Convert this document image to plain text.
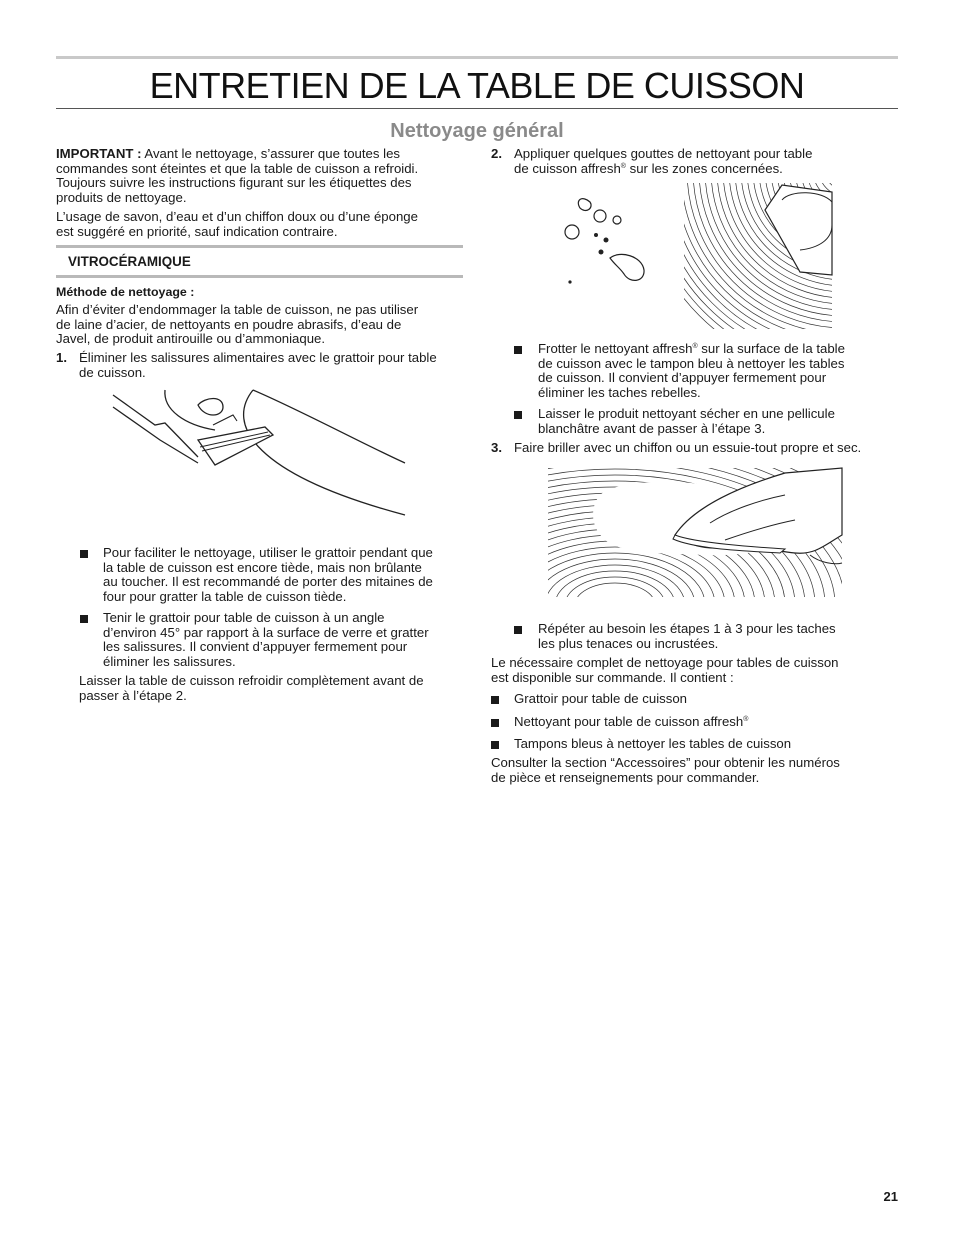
ENTRETIEN DE LA TABLE DE CUISSON
Nettoyage général
IMPORTANT : Avant le nettoyage, s’assurer que toutes les
commandes sont éteintes et que la table de cuisson a refroidi.
Toujours suivre les instructions figurant sur les étiquettes des
produits de nettoyage.
L’usage de savon, d’eau et d’un chiffon doux ou d’une éponge
est suggéré en priorité, sauf indication contraire.
VITROCÉRAMIQUE
Méthode de nettoyage :
Afin d’éviter d’endommager la table de cuisson, ne pas utiliser
de laine d’acier, de nettoyants en poudre abrasifs, d’eau de
Javel, de produit antirouille ou d’ammoniaque.
1. Éliminer les salissures alimentaires avec le grattoir pour table
de cuisson.
Pour faciliter le nettoyage, utiliser le grattoir pendant que
la table de cuisson est encore tiède, mais non brûlante
au toucher. Il est recommandé de porter des mitaines de
four pour gratter la table de cuisson tiède.
Tenir le grattoir pour table de cuisson à un angle
d’environ 45° par rapport à la surface de verre et gratter
les salissures. Il convient d’appuyer fermement pour
éliminer les salissures.
Laisser la table de cuisson refroidir complètement avant de
passer à l’étape 2.
2. Appliquer quelques gouttes de nettoyant pour table
de cuisson affresh® sur les zones concernées.
Frotter le nettoyant affresh® sur la surface de la table
de cuisson avec le tampon bleu à nettoyer les tables
de cuisson. Il convient d’appuyer fermement pour
éliminer les taches rebelles.
Laisser le produit nettoyant sécher en une pellicule
blanchâtre avant de passer à l’étape 3.
3. Faire briller avec un chiffon ou un essuie-tout propre et sec.
Répéter au besoin les étapes 1 à 3 pour les taches
les plus tenaces ou incrustées.
Le nécessaire complet de nettoyage pour tables de cuisson
est disponible sur commande. Il contient :
Grattoir pour table de cuisson
Nettoyant pour table de cuisson affresh®
Tampons bleus à nettoyer les tables de cuisson
Consulter la section “Accessoires” pour obtenir les numéros
de pièce et renseignements pour commander.
21
